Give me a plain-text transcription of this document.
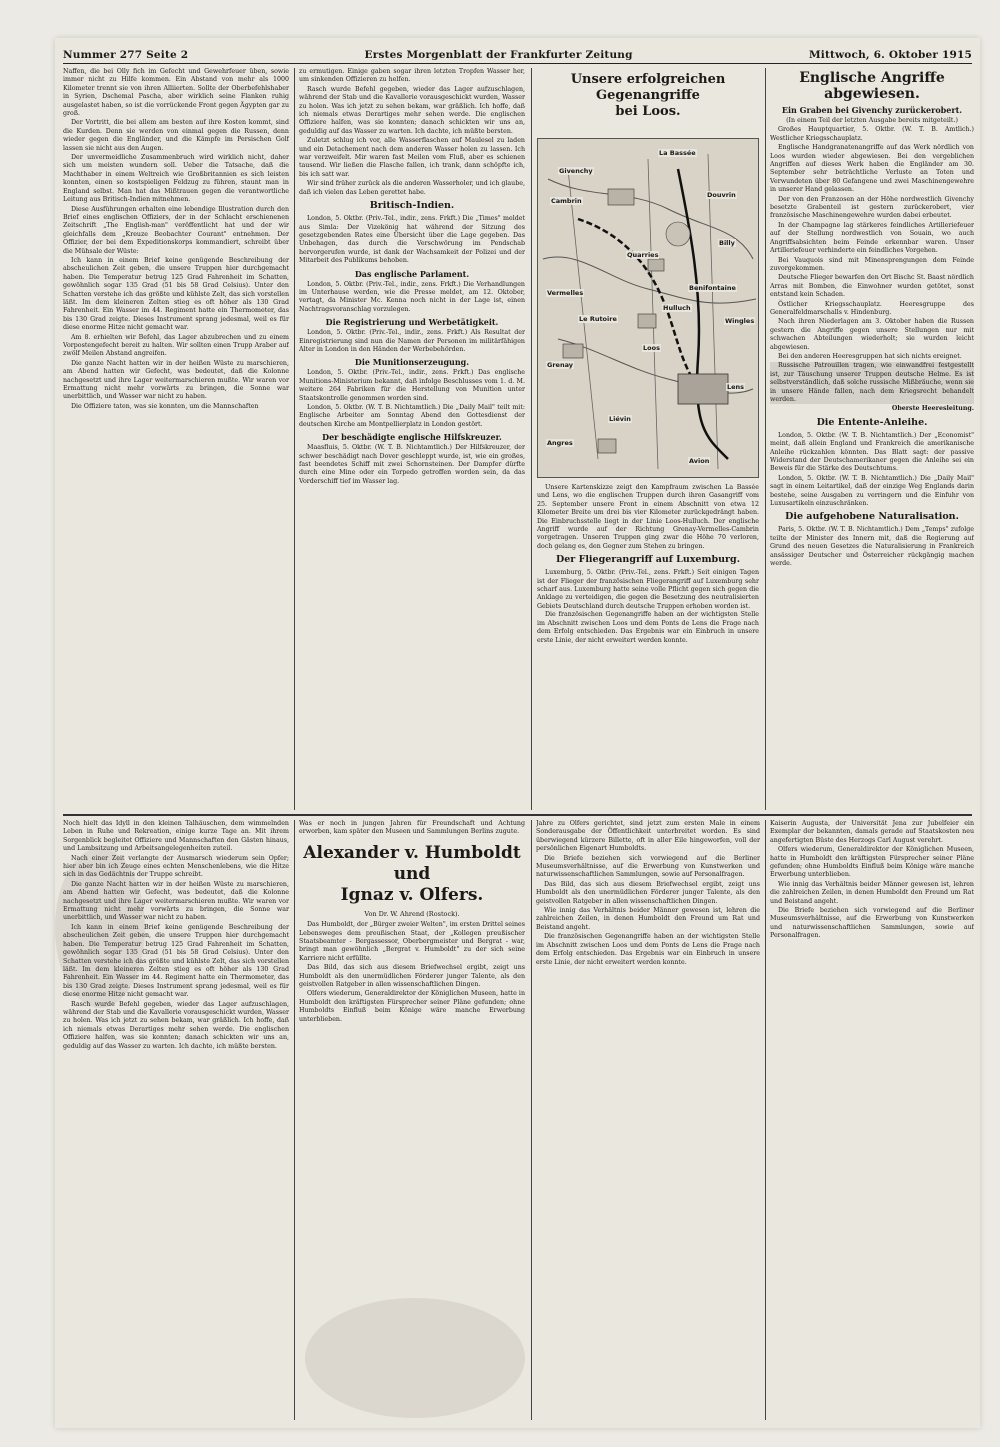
Nummer 277 Seite 2	Erstes Morgenblatt der Frankfurter Zeitung	Mittwoch, 6. Oktober 1915

Naffen, die bei Olly fich im Gefecht und Gewehrfeuer üben, sowie immer nicht zu Hilfe kommen. Ein Abstand von mehr als 1000 Kilometer trennt sie von ihren Alliierten. Sollte der Oberbefehlshaber in Syrien, Dschemal Pascha, aber wirklich seine Flanken ruhig ausgelastet haben, so ist die vorrückende Front gegen Ägypten gar zu groß.

Der Vortritt, die bei allem am besten auf ihre Kosten kommt, sind die Kurden. Denn sie werden von einmal gegen die Russen, denn wieder gegen die Engländer, und die Kämpfe im Persischen Golf lassen sie nicht aus den Augen.

Der unvermeidliche Zusammenbruch wird wirklich nicht, daher sich um meisten wundern soll. Ueber die Tatsache, daß die Machthaber in einem Weltreich wie Großbritannien es sich leisten konnten, einen so kostspieligen Feldzug zu führen, staunt man in England selbst. Man hat das Mißtrauen gegen die verantwortliche Leitung aus Britisch-Indien mitnehmen.

Diese Ausführungen erhalten eine lebendige Illustration durch den Brief eines englischen Offiziers, der in der Schlacht erschienenen Zeitschrift „The English-man" veröffentlicht hat und der wir gleichfalls dem „Kreuze Beobachter Courant" entnehmen. Der Offizier, der bei dem Expeditionskorps kommandiert, schreibt über die Mühsale der Wüste:

Ich kann in einem Brief keine genügende Beschreibung der abscheulichen Zeit geben, die unsere Truppen hier durchgemacht haben. Die Temperatur betrug 125 Grad Fahrenheit im Schatten, gewöhnlich sogar 135 Grad (51 bis 58 Grad Celsius). Unter den Schatten verstehe ich das größte und kühlste Zelt, das sich vorstellen läßt. Im dem kleineren Zelten stieg es oft höher als 130 Grad Fahrenheit. Ein Wasser im 44. Regiment hatte ein Thermometer, das bis 130 Grad zeigte. Dieses Instrument sprang jedesmal, weil es für diese enorme Hitze nicht gemacht war.

Am 8. erhielten wir Befehl, das Lager abzubrechen und zu einem Vorpostengefecht bereit zu halten. Wir sollten einen Trupp Araber auf zwölf Meilen Abstand angreifen.

Die ganze Nacht hatten wir in der heißen Wüste zu marschieren, am Abend hatten wir Gefecht, was bedeutet, daß die Kolonne nachgesetzt und ihre Lager weitermarschieren mußte. Wir waren vor Ermattung nicht mehr vorwärts zu bringen, die Sonne war unerbittlich, und Wasser war nicht zu haben.

Die Offiziere taten, was sie konnten, um die Mannschaften

zu ermutigen. Einige gaben sogar ihren letzten Tropfen Wasser her, um sinkenden Offizieren zu helfen.

Rasch wurde Befehl gegeben, wieder das Lager aufzuschlagen, während der Stab und die Kavallerie vorausgeschickt wurden, Wasser zu holen. Was ich jetzt zu sehen bekam, war gräßlich. Ich hoffe, daß ich niemals etwas Derartiges mehr sehen werde. Die englischen Offiziere halfen, was sie konnten; danach schickten wir uns an, geduldig auf das Wasser zu warten. Ich dachte, ich müßte bersten.

Zuletzt schlug ich vor, alle Wasserflaschen auf Maulesel zu laden und ein Detachement nach dem anderen Wasser holen zu lassen. Ich war verzweifelt. Mir waren fast Meilen vom Fluß, aber es schienen tausend. Wir ließen die Flasche fallen, ich trank, dann schöpfte ich, bis ich satt war.

Wir sind früher zurück als die anderen Wasserholer, und ich glaube, daß ich vielen das Leben gerettet habe.

Britisch-Indien.

London, 5. Oktbr. (Priv.-Tel., indir., zens. Frkft.) Die „Times" meldet aus Simla: Der Vizekönig hat während der Sitzung des gesetzgebenden Rates eine Übersicht über die Lage gegeben. Das Unbehagen, das durch die Verschwörung im Pendschab hervorgerufen wurde, ist dank der Wachsamkeit der Polizei und der Mitarbeit des Publikums behoben.

Das englische Parlament.

London, 5. Oktbr. (Priv.-Tel., indir., zens. Frkft.) Die Verhandlungen im Unterhause werden, wie die Presse meldet, am 12. Oktober, vertagt, da Minister Mc. Kenna noch nicht in der Lage ist, einen Nachtragsvoranschlag vorzulegen.

Die Registrierung und Werbetätigkeit.

London, 5. Oktbr. (Priv.-Tel., indir., zens. Frkft.) Als Resultat der Einregistrierung sind nun die Namen der Personen im militärfähigen Alter in London in den Händen der Werbebehörden.

Die Munitionserzeugung.

London, 5. Oktbr. (Priv.-Tel., indir., zens. Frkft.) Das englische Munitions-Ministerium bekannt, daß infolge Beschlusses vom 1. d. M. weitere 264 Fabriken für die Herstellung von Munition unter Staatskontrolle genommen worden sind.

London, 5. Oktbr. (W. T. B. Nichtamtlich.) Die „Daily Mail" teilt mit: Englische Arbeiter am Sonntag Abend den Gottesdienst der deutschen Kirche am Montpellierplatz in London gestört.

Der beschädigte englische Hilfskreuzer.

Maasfluis, 5. Oktbr. (W. T. B. Nichtamtlich.) Der Hilfskreuzer, der schwer beschädigt nach Dover geschleppt wurde, ist, wie ein großes, fast beendetes Schiff mit zwei Schornsteinen. Der Dampfer dürfte durch eine Mine oder ein Torpedo getroffen worden sein, da das Vorderschiff tief im Wasser lag.

Unsere erfolgreichen Gegenangriffe
bei Loos.
Givenchy
Cambrin
La Bassée
Vermelles
Hulluch
Loos
Grenay
Liévin
Lens
Angres
Avion
Douvrin
Billy
Benifontaine
Wingles
Le Rutoire
Quarries

Unsere Kartenskizze zeigt den Kampfraum zwischen La Bassée und Lens, wo die englischen Truppen durch ihren Gasangriff vom 25. September unsere Front in einem Abschnitt von etwa 12 Kilometer Breite um drei bis vier Kilometer zurückgedrängt haben. Die Einbruchsstelle liegt in der Linie Loos-Hulluch. Der englische Angriff wurde auf der Richtung Grenay-Vermelles-Cambrin vorgetragen. Unseren Truppen ging zwar die Höhe 70 verloren, doch gelang es, den Gegner zum Stehen zu bringen.

Der Fliegerangriff auf Luxemburg.

Luxemburg, 5. Oktbr. (Priv.-Tel., zens. Frkft.) Seit einigen Tagen ist der Flieger der französischen Fliegerangriff auf Luxemburg sehr scharf aus. Luxemburg hatte seine volle Pflicht gegen sich gegen die Anklage zu verteidigen, die gegen die Besetzung des neutralisierten Gebiets Deutschland durch deutsche Truppen erhoben worden ist.

Die französischen Gegenangriffe haben an der wichtigsten Stelle im Abschnitt zwischen Loos und dem Ponts de Lens die Frage nach dem Erfolg entschieden. Das Ergebnis war ein Einbruch in unsere erste Linie, der nicht erweitert werden konnte.

Englische Angriffe abgewiesen.
Ein Graben bei Givenchy zurückerobert.

(In einem Teil der letzten Ausgabe bereits mitgeteilt.)

Großes Hauptquartier, 5. Oktbr. (W. T. B. Amtlich.) Westlicher Kriegsschauplatz.

Englische Handgranatenangriffe auf das Werk nördlich von Loos wurden wieder abgewiesen. Bei den vergeblichen Angriffen auf dieses Werk haben die Engländer am 30. September sehr beträchtliche Verluste an Toten und Verwundeten über 80 Gefangene und zwei Maschinengewehre in unserer Hand gelassen.

Der von den Franzosen an der Höhe nordwestlich Givenchy besetzte Grabenteil ist gestern zurückerobert, vier französische Maschinengewehre wurden dabei erbeutet.

In der Champagne lag stärkeres feindliches Artilleriefeuer auf der Stellung nordwestlich von Souain, wo auch Angriffsabsichten beim Feinde erkennbar waren. Unser Artilleriefeuer verhinderte ein feindliches Vorgehen.

Bei Vauquois sind mit Minensprengungen dem Feinde zuvorgekommen.

Deutsche Flieger bewarfen den Ort Bischc St. Baast nördlich Arras mit Bomben, die Einwohner wurden getötet, sonst entstand kein Schaden.

Östlicher Kriegsschauplatz. Heeresgruppe des Generalfeldmarschalls v. Hindenburg.

Nach ihren Niederlagen am 3. Oktober haben die Russen gestern die Angriffe gegen unsere Stellungen nur mit schwachen Abteilungen wiederholt; sie wurden leicht abgewiesen.

Bei den anderen Heeresgruppen hat sich nichts ereignet.

Russische Patrouillen tragen, wie einwandfrei festgestellt ist, zur Täuschung unserer Truppen deutsche Helme. Es ist selbstverständlich, daß solche russische Mißbräuche, wenn sie in unsere Hände fallen, nach dem Kriegsrecht behandelt werden.

Oberste Heeresleitung.

Die Entente-Anleihe.

London, 5. Oktbr. (W. T. B. Nichtamtlich.) Der „Economist" meint, daß allein England und Frankreich die amerikanische Anleihe rückzahlen könnten. Das Blatt sagt: der passive Widerstand der Deutschamerikaner gegen die Anleihe sei ein Beweis für die Stärke des Deutschtums.

London, 5. Oktbr. (W. T. B. Nichtamtlich.) Die „Daily Mail" sagt in einem Leitartikel, daß der einzige Weg Englands darin bestehe, seine Ausgaben zu verringern und die Einfuhr von Luxusartikeln einzuschränken.

Die aufgehobene Naturalisation.

Paris, 5. Oktbr. (W. T. B. Nichtamtlich.) Dem „Temps" zufolge teilte der Minister des Innern mit, daß die Regierung auf Grund des neuen Gesetzes die Naturalisierung in Frankreich ansässiger Deutscher und Österreicher rückgängig machen werde.

Noch hielt das Idyll in den kleinen Talhäuschen, dem wimmelnden Leben in Ruhe und Rekreation, einige kurze Tage an. Mit ihrem Sorgenblick begleitet Offiziere und Mannschaften den Gästen hinaus, und Lambsitzung und Arbeitsangelegenheiten zuteil.

Nach einer Zeit verlangte der Ausmarsch wiederum sein Opfer; hier aber bin ich Zeuge eines echten Menschenlebens, wie die Hitze sich in das Gedächtnis der Truppe schreibt.

Die ganze Nacht hatten wir in der heißen Wüste zu marschieren, am Abend hatten wir Gefecht, was bedeutet, daß die Kolonne nachgesetzt und ihre Lager weitermarschieren mußte. Wir waren vor Ermattung nicht mehr vorwärts zu bringen, die Sonne war unerbittlich, und Wasser war nicht zu haben.

Ich kann in einem Brief keine genügende Beschreibung der abscheulichen Zeit geben, die unsere Truppen hier durchgemacht haben. Die Temperatur betrug 125 Grad Fahrenheit im Schatten, gewöhnlich sogar 135 Grad (51 bis 58 Grad Celsius). Unter den Schatten verstehe ich das größte und kühlste Zelt, das sich vorstellen läßt. Im dem kleineren Zelten stieg es oft höher als 130 Grad Fahrenheit. Ein Wasser im 44. Regiment hatte ein Thermometer, das bis 130 Grad zeigte. Dieses Instrument sprang jedesmal, weil es für diese enorme Hitze nicht gemacht war.

Rasch wurde Befehl gegeben, wieder das Lager aufzuschlagen, während der Stab und die Kavallerie vorausgeschickt wurden, Wasser zu holen. Was ich jetzt zu sehen bekam, war gräßlich. Ich hoffe, daß ich niemals etwas Derartiges mehr sehen werde. Die englischen Offiziere halfen, was sie konnten; danach schickten wir uns an, geduldig auf das Wasser zu warten. Ich dachte, ich müßte bersten.

Was er noch in jungen Jahren für Freundschaft und Achtung erworben, kam später den Museen und Sammlungen Berlins zugute.

Alexander v. Humboldt und
Ignaz v. Olfers.
Von Dr. W. Ahrend (Rostock).

Das Humboldt, der „Bürger zweier Welten", im ersten Drittel seines Lebensweges dem preußischen Staat, der „Kollegen preußischer Staatsbeamter - Bergassessor, Oberbergmeister und Bergrat - war, bringt man gewöhnlich „Bergrat v. Humboldt" zu der sich seine Karriere nicht erfüllte.

Das Bild, das sich aus diesem Briefwechsel ergibt, zeigt uns Humboldt als den unermüdlichen Förderer junger Talente, als den geistvollen Ratgeber in allen wissenschaftlichen Dingen.

Olfers wiederum, Generaldirektor der Königlichen Museen, hatte in Humboldt den kräftigsten Fürsprecher seiner Pläne gefunden; ohne Humboldts Einfluß beim Könige wäre manche Erwerbung unterblieben.

Jahre zu Olfers gerichtet, sind jetzt zum ersten Male in einem Sonderausgabe der Öffentlichkeit unterbreitet worden. Es sind überwiegend kürzere Billette, oft in aller Eile hingeworfen, voll der persönlichen Eigenart Humboldts.

Die Briefe beziehen sich vorwiegend auf die Berliner Museumsverhältnisse, auf die Erwerbung von Kunstwerken und naturwissenschaftlichen Sammlungen, sowie auf Personalfragen.

Das Bild, das sich aus diesem Briefwechsel ergibt, zeigt uns Humboldt als den unermüdlichen Förderer junger Talente, als den geistvollen Ratgeber in allen wissenschaftlichen Dingen.

Wie innig das Verhältnis beider Männer gewesen ist, lehren die zahlreichen Zeilen, in denen Humboldt den Freund um Rat und Beistand angeht.

Die französischen Gegenangriffe haben an der wichtigsten Stelle im Abschnitt zwischen Loos und dem Ponts de Lens die Frage nach dem Erfolg entschieden. Das Ergebnis war ein Einbruch in unsere erste Linie, der nicht erweitert werden konnte.

Kaiserin Augusta, der Universität Jena zur Jubelfeier ein Exemplar der bekannten, damals gerade auf Staatskosten neu angefertigten Büste des Herzogs Carl August verehrt.

Olfers wiederum, Generaldirektor der Königlichen Museen, hatte in Humboldt den kräftigsten Fürsprecher seiner Pläne gefunden; ohne Humboldts Einfluß beim Könige wäre manche Erwerbung unterblieben.

Wie innig das Verhältnis beider Männer gewesen ist, lehren die zahlreichen Zeilen, in denen Humboldt den Freund um Rat und Beistand angeht.

Die Briefe beziehen sich vorwiegend auf die Berliner Museumsverhältnisse, auf die Erwerbung von Kunstwerken und naturwissenschaftlichen Sammlungen, sowie auf Personalfragen.
